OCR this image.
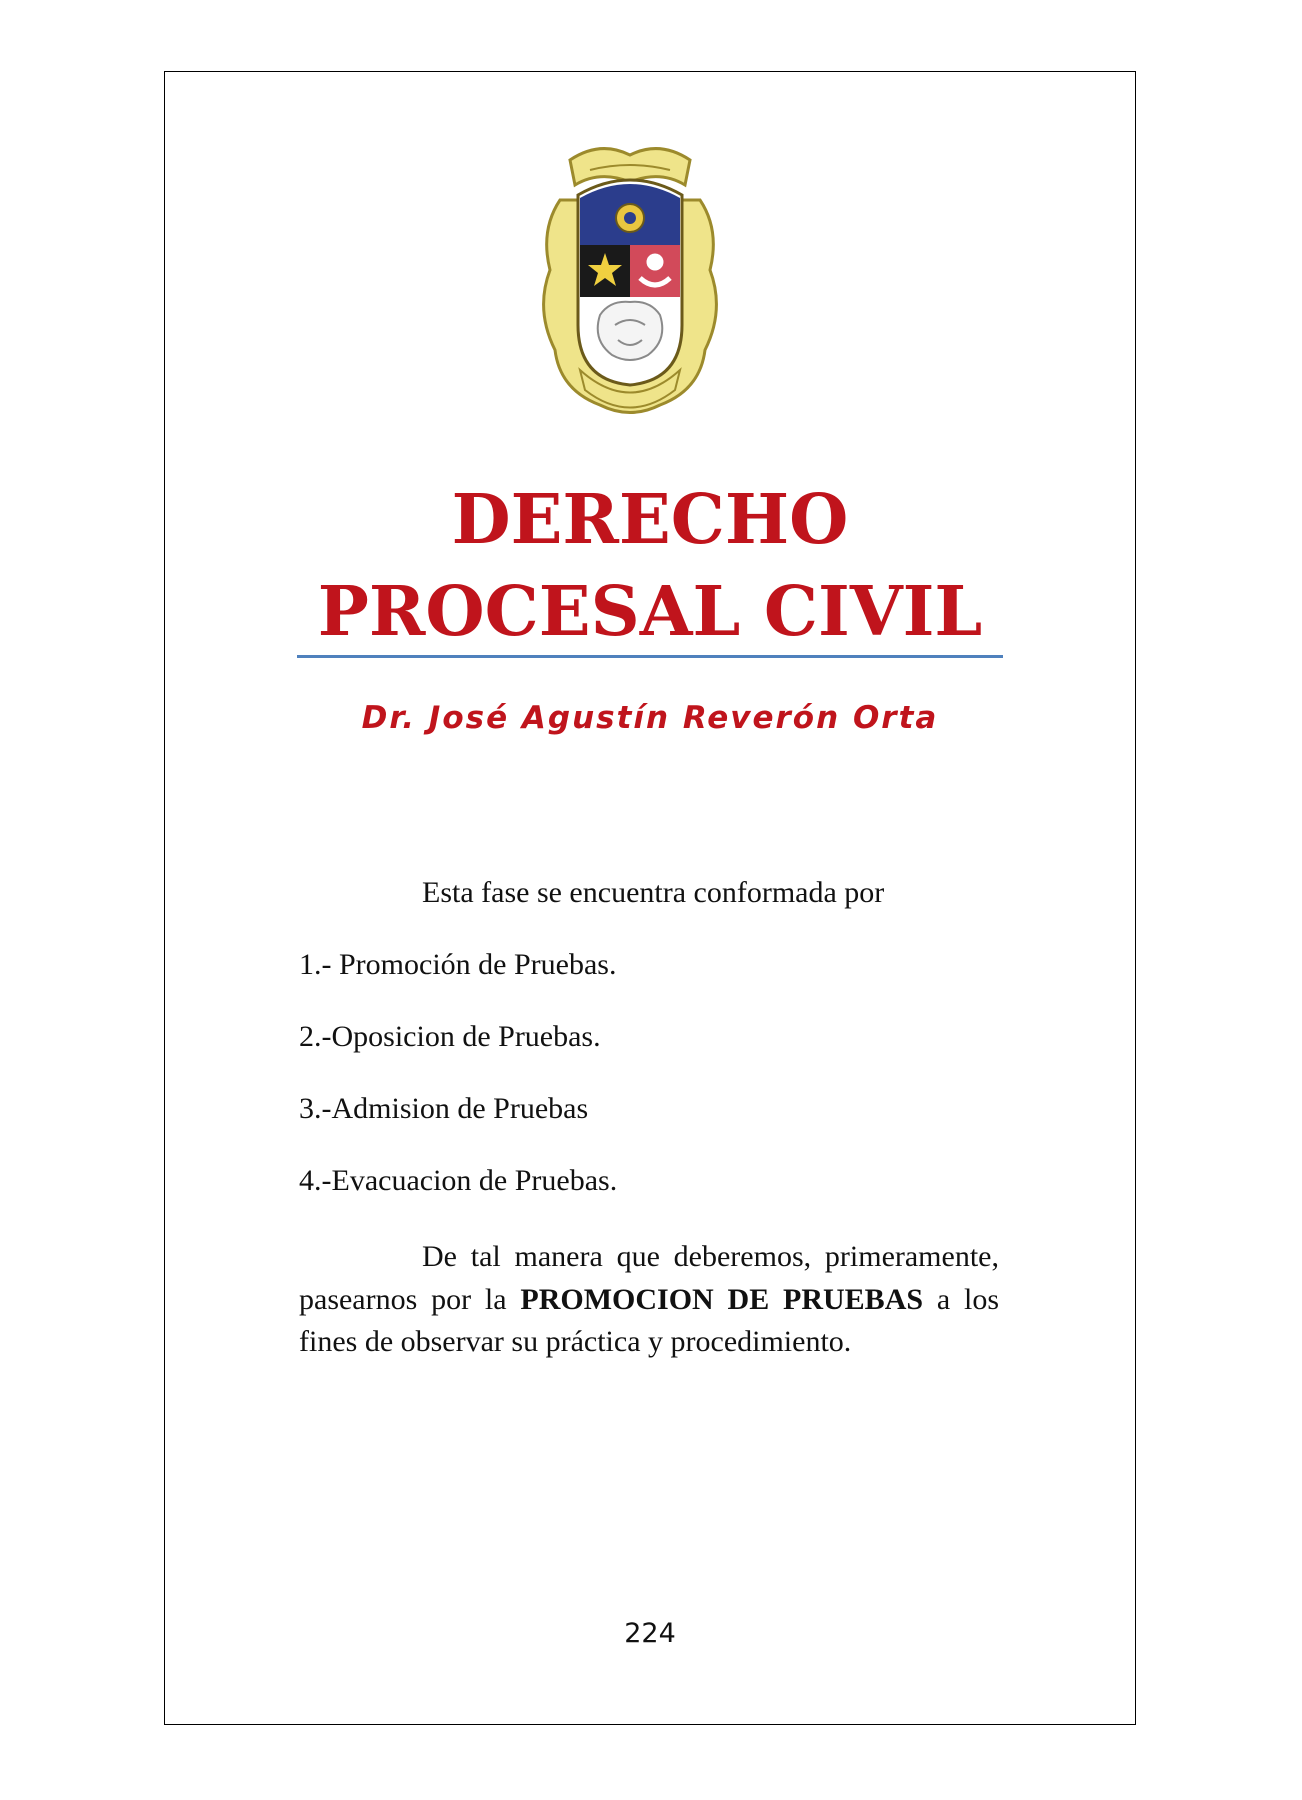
DERECHO
PROCESAL CIVIL
Dr. José Agustín Reverón Orta

Esta fase se encuentra conformada por

1.- Promoción de Pruebas.

2.-Oposicion de Pruebas.

3.-Admision de Pruebas

4.-Evacuacion de Pruebas.

De tal manera que deberemos, primeramente, pasearnos por la PROMOCION DE PRUEBAS a los fines de observar su práctica y procedimiento.

224
